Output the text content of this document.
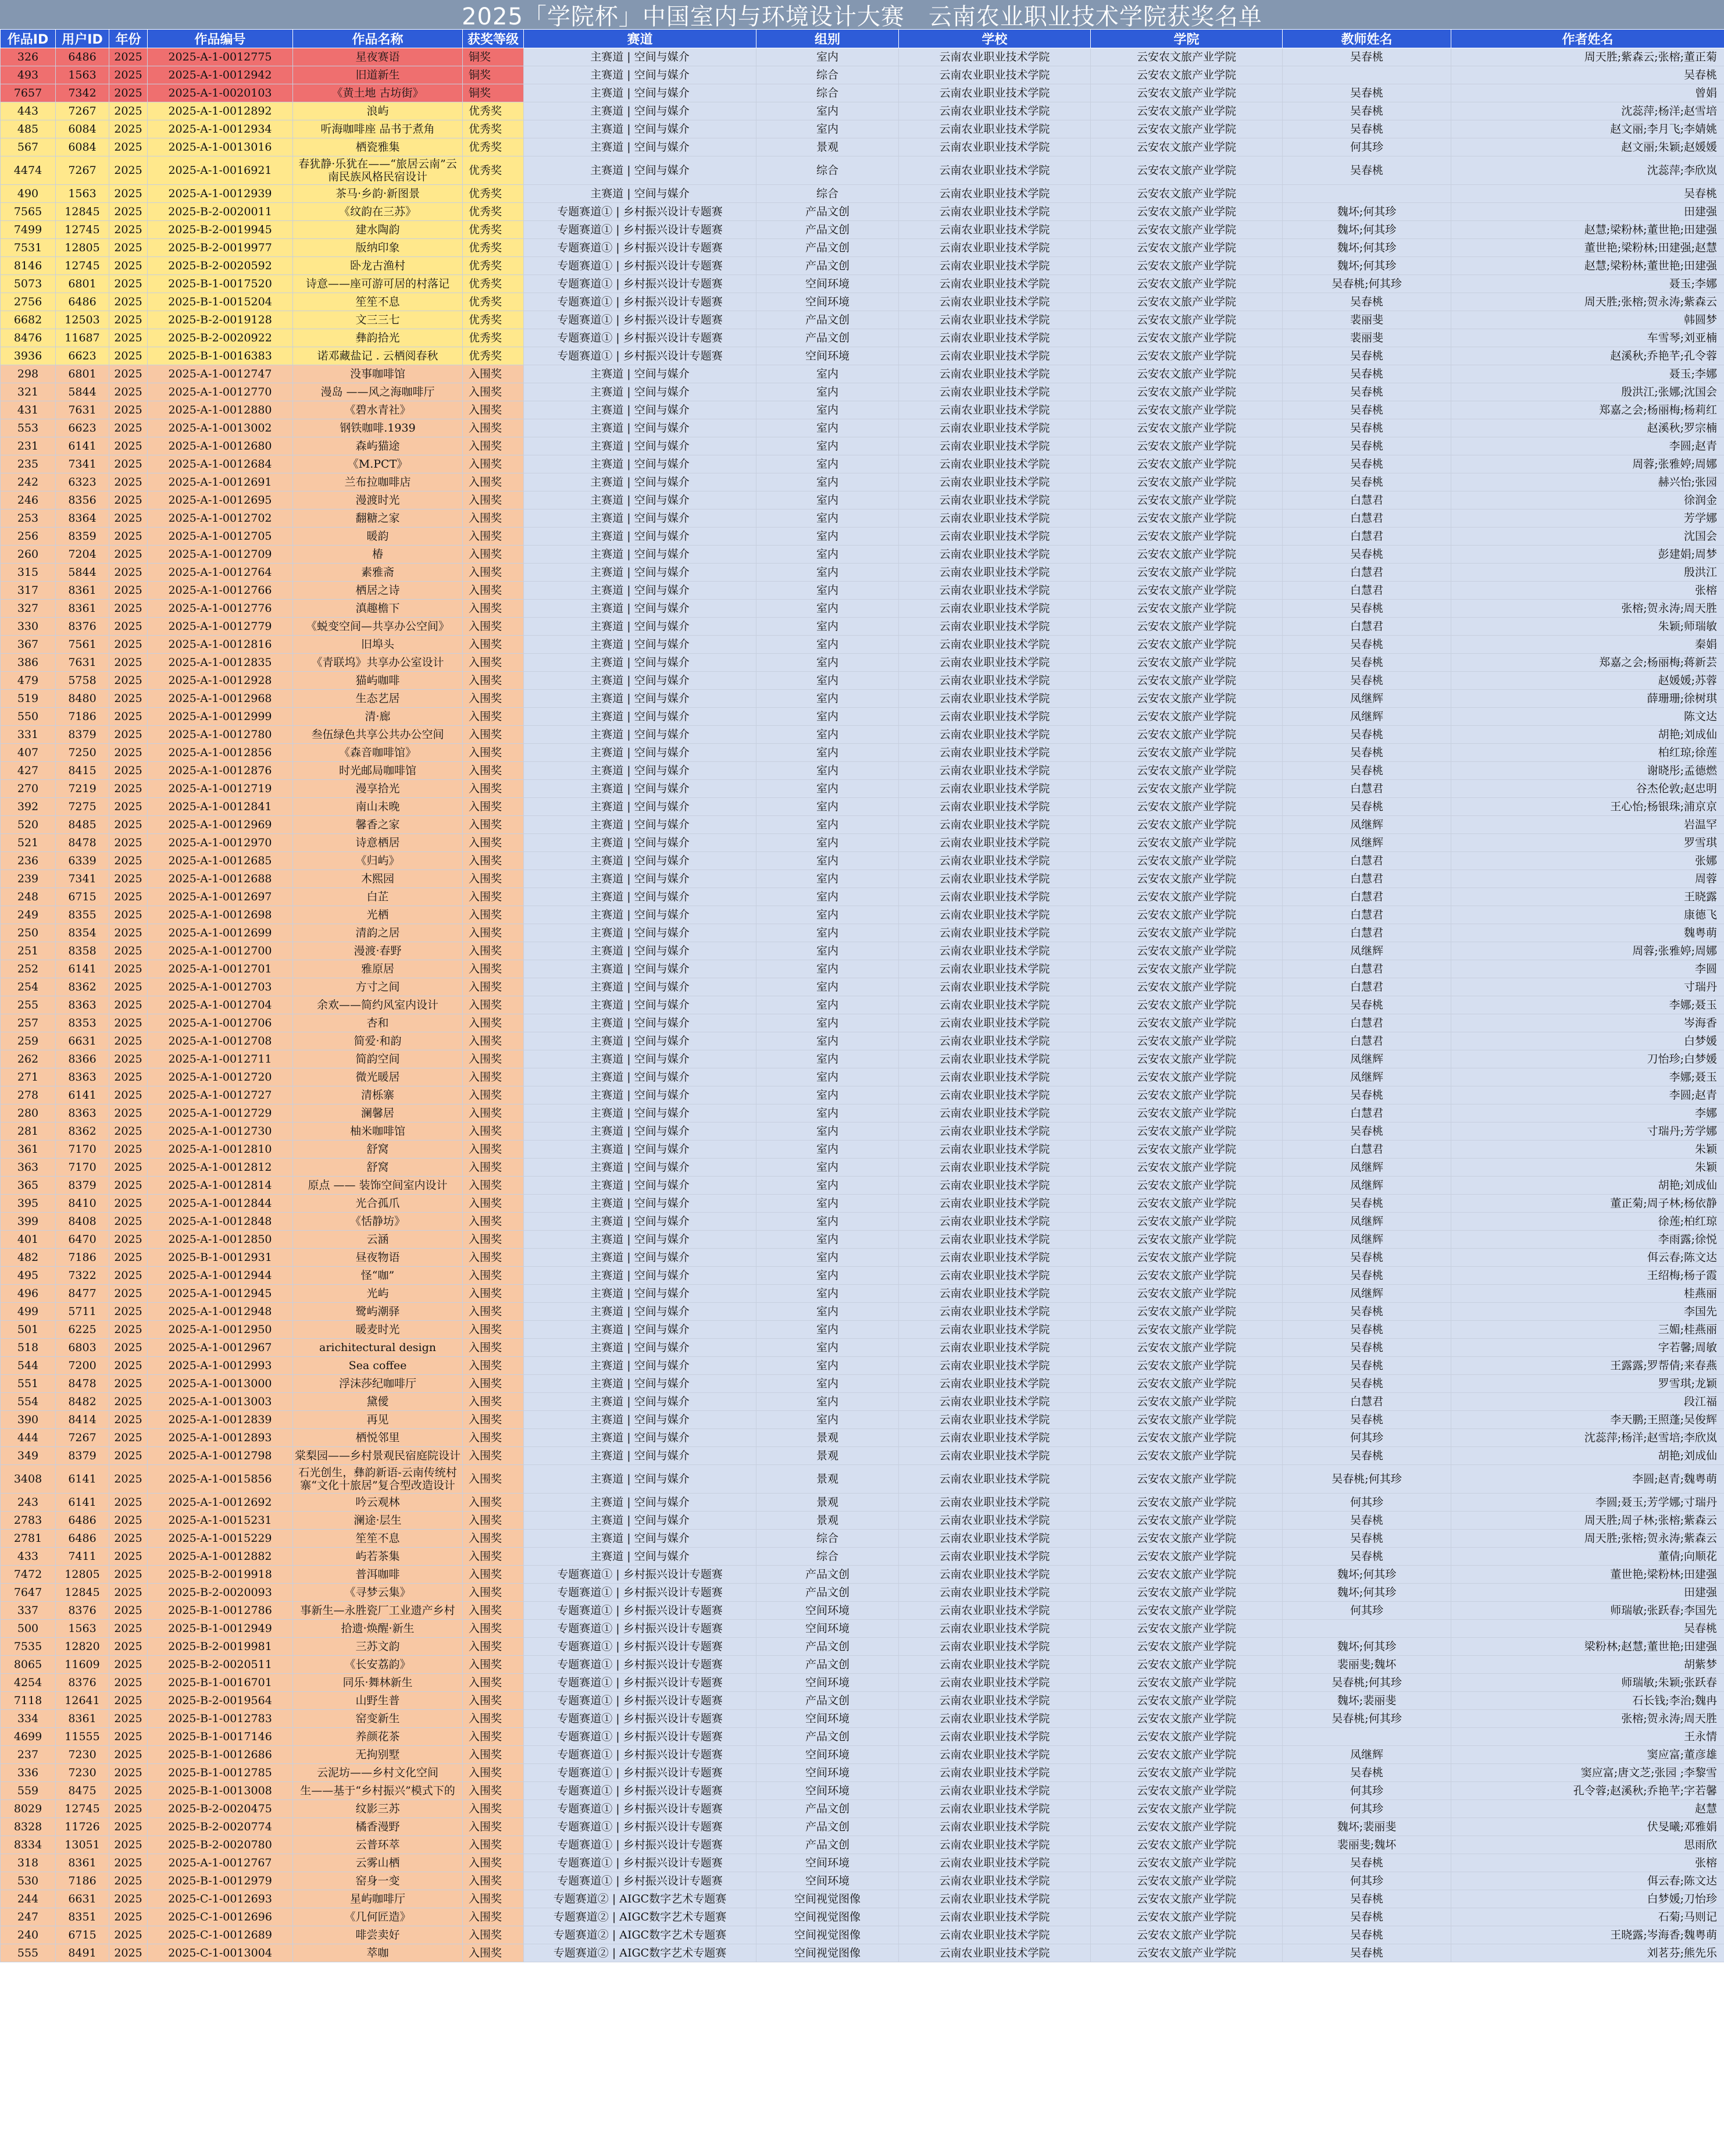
2025「学院杯」中国室内与环境设计大赛　云南农业职业技术学院获奖名单
作品ID	用户ID	年份	作品编号	作品名称	获奖等级	赛道	组别	学校	学院	教师姓名	作者姓名
326	6486	2025	2025-A-1-0012775	星夜赛语	铜奖	主赛道 | 空间与媒介	室内	云南农业职业技术学院	云安农文旅产业学院	吴春桃	周天胜;紫森云;张榕;董正菊
493	1563	2025	2025-A-1-0012942	旧道新生	铜奖	主赛道 | 空间与媒介	综合	云南农业职业技术学院	云安农文旅产业学院		吴春桃
7657	7342	2025	2025-A-1-0020103	《黄土地 古坊街》	铜奖	主赛道 | 空间与媒介	综合	云南农业职业技术学院	云安农文旅产业学院	吴春桃	曾娟
443	7267	2025	2025-A-1-0012892	浪屿	优秀奖	主赛道 | 空间与媒介	室内	云南农业职业技术学院	云安农文旅产业学院	吴春桃	沈蕊萍;杨洋;赵雪培
485	6084	2025	2025-A-1-0012934	听海咖啡座 品书于煮角	优秀奖	主赛道 | 空间与媒介	室内	云南农业职业技术学院	云安农文旅产业学院	吴春桃	赵文丽;李月飞;李婧姚
567	6084	2025	2025-A-1-0013016	栖瓷雅集	优秀奖	主赛道 | 空间与媒介	景观	云南农业职业技术学院	云安农文旅产业学院	何其珍	赵文丽;朱颖;赵媛媛
4474	7267	2025	2025-A-1-0016921	春犹静·乐犹在——“旅居云南”云南民族风格民宿设计	优秀奖	主赛道 | 空间与媒介	综合	云南农业职业技术学院	云安农文旅产业学院	吴春桃	沈蕊萍;李欣岚
490	1563	2025	2025-A-1-0012939	茶马·乡韵·新图景	优秀奖	主赛道 | 空间与媒介	综合	云南农业职业技术学院	云安农文旅产业学院		吴春桃
7565	12845	2025	2025-B-2-0020011	《纹韵在三苏》	优秀奖	专题赛道① | 乡村振兴设计专题赛	产品文创	云南农业职业技术学院	云安农文旅产业学院	魏坏;何其珍	田建强
7499	12745	2025	2025-B-2-0019945	建水陶韵	优秀奖	专题赛道① | 乡村振兴设计专题赛	产品文创	云南农业职业技术学院	云安农文旅产业学院	魏坏;何其珍	赵慧;梁粉林;董世艳;田建强
7531	12805	2025	2025-B-2-0019977	版纳印象	优秀奖	专题赛道① | 乡村振兴设计专题赛	产品文创	云南农业职业技术学院	云安农文旅产业学院	魏坏;何其珍	董世艳;梁粉林;田建强;赵慧
8146	12745	2025	2025-B-2-0020592	卧龙古渔村	优秀奖	专题赛道① | 乡村振兴设计专题赛	产品文创	云南农业职业技术学院	云安农文旅产业学院	魏坏;何其珍	赵慧;梁粉林;董世艳;田建强
5073	6801	2025	2025-B-1-0017520	诗意——座可游可居的村落记	优秀奖	专题赛道① | 乡村振兴设计专题赛	空间环境	云南农业职业技术学院	云安农文旅产业学院	吴春桃;何其珍	聂玉;李娜
2756	6486	2025	2025-B-1-0015204	笙笙不息	优秀奖	专题赛道① | 乡村振兴设计专题赛	空间环境	云南农业职业技术学院	云安农文旅产业学院	吴春桃	周天胜;张榕;贺永涛;紫森云
6682	12503	2025	2025-B-2-0019128	文三三七	优秀奖	专题赛道① | 乡村振兴设计专题赛	产品文创	云南农业职业技术学院	云安农文旅产业学院	裴丽斐	韩圆梦
8476	11687	2025	2025-B-2-0020922	彝韵拾光	优秀奖	专题赛道① | 乡村振兴设计专题赛	产品文创	云南农业职业技术学院	云安农文旅产业学院	裴丽斐	车雪琴;刘亚楠
3936	6623	2025	2025-B-1-0016383	诺邓藏盐记 . 云栖阅春秋	优秀奖	专题赛道① | 乡村振兴设计专题赛	空间环境	云南农业职业技术学院	云安农文旅产业学院	吴春桃	赵溪秋;乔艳芊;孔令蓉
298	6801	2025	2025-A-1-0012747	没事咖啡馆	入围奖	主赛道 | 空间与媒介	室内	云南农业职业技术学院	云安农文旅产业学院	吴春桃	聂玉;李娜
321	5844	2025	2025-A-1-0012770	漫岛 ——风之海咖啡厅	入围奖	主赛道 | 空间与媒介	室内	云南农业职业技术学院	云安农文旅产业学院	吴春桃	殷洪江;张娜;沈国会
431	7631	2025	2025-A-1-0012880	《碧水青社》	入围奖	主赛道 | 空间与媒介	室内	云南农业职业技术学院	云安农文旅产业学院	吴春桃	郑嘉之会;杨丽梅;杨莉红
553	6623	2025	2025-A-1-0013002	钢铁咖啡.1939	入围奖	主赛道 | 空间与媒介	室内	云南农业职业技术学院	云安农文旅产业学院	吴春桃	赵溪秋;罗宗楠
231	6141	2025	2025-A-1-0012680	森屿猫途	入围奖	主赛道 | 空间与媒介	室内	云南农业职业技术学院	云安农文旅产业学院	吴春桃	李圆;赵青
235	7341	2025	2025-A-1-0012684	《M.PCT》	入围奖	主赛道 | 空间与媒介	室内	云南农业职业技术学院	云安农文旅产业学院	吴春桃	周蓉;张雅婷;周娜
242	6323	2025	2025-A-1-0012691	兰布拉咖啡店	入围奖	主赛道 | 空间与媒介	室内	云南农业职业技术学院	云安农文旅产业学院	吴春桃	赫兴怡;张园
246	8356	2025	2025-A-1-0012695	漫渡时光	入围奖	主赛道 | 空间与媒介	室内	云南农业职业技术学院	云安农文旅产业学院	白慧君	徐润金
253	8364	2025	2025-A-1-0012702	翻糖之家	入围奖	主赛道 | 空间与媒介	室内	云南农业职业技术学院	云安农文旅产业学院	白慧君	芳学娜
256	8359	2025	2025-A-1-0012705	暖韵	入围奖	主赛道 | 空间与媒介	室内	云南农业职业技术学院	云安农文旅产业学院	白慧君	沈国会
260	7204	2025	2025-A-1-0012709	椿	入围奖	主赛道 | 空间与媒介	室内	云南农业职业技术学院	云安农文旅产业学院	吴春桃	彭建娟;周梦
315	5844	2025	2025-A-1-0012764	素雅斋	入围奖	主赛道 | 空间与媒介	室内	云南农业职业技术学院	云安农文旅产业学院	白慧君	殷洪江
317	8361	2025	2025-A-1-0012766	栖居之诗	入围奖	主赛道 | 空间与媒介	室内	云南农业职业技术学院	云安农文旅产业学院	白慧君	张榕
327	8361	2025	2025-A-1-0012776	滇趣檐下	入围奖	主赛道 | 空间与媒介	室内	云南农业职业技术学院	云安农文旅产业学院	吴春桃	张榕;贺永涛;周天胜
330	8376	2025	2025-A-1-0012779	《蜕变空间—共享办公空间》	入围奖	主赛道 | 空间与媒介	室内	云南农业职业技术学院	云安农文旅产业学院	白慧君	朱颖;师瑞敏
367	7561	2025	2025-A-1-0012816	旧埠头	入围奖	主赛道 | 空间与媒介	室内	云南农业职业技术学院	云安农文旅产业学院	吴春桃	秦娟
386	7631	2025	2025-A-1-0012835	《青联坞》共享办公室设计	入围奖	主赛道 | 空间与媒介	室内	云南农业职业技术学院	云安农文旅产业学院	吴春桃	郑嘉之会;杨丽梅;蒋新芸
479	5758	2025	2025-A-1-0012928	猫屿咖啡	入围奖	主赛道 | 空间与媒介	室内	云南农业职业技术学院	云安农文旅产业学院	吴春桃	赵媛媛;苏蓉
519	8480	2025	2025-A-1-0012968	生态艺居	入围奖	主赛道 | 空间与媒介	室内	云南农业职业技术学院	云安农文旅产业学院	凤继辉	薛珊珊;徐树琪
550	7186	2025	2025-A-1-0012999	清·廊	入围奖	主赛道 | 空间与媒介	室内	云南农业职业技术学院	云安农文旅产业学院	凤继辉	陈文达
331	8379	2025	2025-A-1-0012780	叁伍绿色共享公共办公空间	入围奖	主赛道 | 空间与媒介	室内	云南农业职业技术学院	云安农文旅产业学院	吴春桃	胡艳;刘成仙
407	7250	2025	2025-A-1-0012856	《森音咖啡馆》	入围奖	主赛道 | 空间与媒介	室内	云南农业职业技术学院	云安农文旅产业学院	吴春桃	柏红琼;徐莲
427	8415	2025	2025-A-1-0012876	时光邮局咖啡馆	入围奖	主赛道 | 空间与媒介	室内	云南农业职业技术学院	云安农文旅产业学院	吴春桃	谢晓彤;孟德燃
270	7219	2025	2025-A-1-0012719	漫享拾光	入围奖	主赛道 | 空间与媒介	室内	云南农业职业技术学院	云安农文旅产业学院	白慧君	谷杰伦敦;赵忠明
392	7275	2025	2025-A-1-0012841	南山未晚	入围奖	主赛道 | 空间与媒介	室内	云南农业职业技术学院	云安农文旅产业学院	吴春桃	王心怡;杨银珠;浦京京
520	8485	2025	2025-A-1-0012969	馨香之家	入围奖	主赛道 | 空间与媒介	室内	云南农业职业技术学院	云安农文旅产业学院	凤继辉	岩温罕
521	8478	2025	2025-A-1-0012970	诗意栖居	入围奖	主赛道 | 空间与媒介	室内	云南农业职业技术学院	云安农文旅产业学院	凤继辉	罗雪琪
236	6339	2025	2025-A-1-0012685	《归屿》	入围奖	主赛道 | 空间与媒介	室内	云南农业职业技术学院	云安农文旅产业学院	白慧君	张娜
239	7341	2025	2025-A-1-0012688	木熙园	入围奖	主赛道 | 空间与媒介	室内	云南农业职业技术学院	云安农文旅产业学院	白慧君	周蓉
248	6715	2025	2025-A-1-0012697	白芷	入围奖	主赛道 | 空间与媒介	室内	云南农业职业技术学院	云安农文旅产业学院	白慧君	王晓露
249	8355	2025	2025-A-1-0012698	光栖	入围奖	主赛道 | 空间与媒介	室内	云南农业职业技术学院	云安农文旅产业学院	白慧君	康德飞
250	8354	2025	2025-A-1-0012699	清韵之居	入围奖	主赛道 | 空间与媒介	室内	云南农业职业技术学院	云安农文旅产业学院	白慧君	魏粤萌
251	8358	2025	2025-A-1-0012700	漫渡·春野	入围奖	主赛道 | 空间与媒介	室内	云南农业职业技术学院	云安农文旅产业学院	凤继辉	周蓉;张雅婷;周娜
252	6141	2025	2025-A-1-0012701	雅原居	入围奖	主赛道 | 空间与媒介	室内	云南农业职业技术学院	云安农文旅产业学院	白慧君	李圆
254	8362	2025	2025-A-1-0012703	方寸之间	入围奖	主赛道 | 空间与媒介	室内	云南农业职业技术学院	云安农文旅产业学院	白慧君	寸瑞丹
255	8363	2025	2025-A-1-0012704	余欢——简约风室内设计	入围奖	主赛道 | 空间与媒介	室内	云南农业职业技术学院	云安农文旅产业学院	吴春桃	李娜;聂玉
257	8353	2025	2025-A-1-0012706	杏和	入围奖	主赛道 | 空间与媒介	室内	云南农业职业技术学院	云安农文旅产业学院	白慧君	岑海香
259	6631	2025	2025-A-1-0012708	简爱·和韵	入围奖	主赛道 | 空间与媒介	室内	云南农业职业技术学院	云安农文旅产业学院	白慧君	白梦媛
262	8366	2025	2025-A-1-0012711	简韵空间	入围奖	主赛道 | 空间与媒介	室内	云南农业职业技术学院	云安农文旅产业学院	凤继辉	刀怡珍;白梦媛
271	8363	2025	2025-A-1-0012720	微光暖居	入围奖	主赛道 | 空间与媒介	室内	云南农业职业技术学院	云安农文旅产业学院	凤继辉	李娜;聂玉
278	6141	2025	2025-A-1-0012727	清栎寨	入围奖	主赛道 | 空间与媒介	室内	云南农业职业技术学院	云安农文旅产业学院	吴春桃	李圆;赵青
280	8363	2025	2025-A-1-0012729	澜馨居	入围奖	主赛道 | 空间与媒介	室内	云南农业职业技术学院	云安农文旅产业学院	白慧君	李娜
281	8362	2025	2025-A-1-0012730	柚米咖啡馆	入围奖	主赛道 | 空间与媒介	室内	云南农业职业技术学院	云安农文旅产业学院	吴春桃	寸瑞丹;芳学娜
361	7170	2025	2025-A-1-0012810	舒窝	入围奖	主赛道 | 空间与媒介	室内	云南农业职业技术学院	云安农文旅产业学院	白慧君	朱颖
363	7170	2025	2025-A-1-0012812	舒窝	入围奖	主赛道 | 空间与媒介	室内	云南农业职业技术学院	云安农文旅产业学院	凤继辉	朱颖
365	8379	2025	2025-A-1-0012814	原点 —— 装饰空间室内设计	入围奖	主赛道 | 空间与媒介	室内	云南农业职业技术学院	云安农文旅产业学院	凤继辉	胡艳;刘成仙
395	8410	2025	2025-A-1-0012844	光合孤爪	入围奖	主赛道 | 空间与媒介	室内	云南农业职业技术学院	云安农文旅产业学院	吴春桃	董正菊;周子林;杨依静
399	8408	2025	2025-A-1-0012848	《恬静坊》	入围奖	主赛道 | 空间与媒介	室内	云南农业职业技术学院	云安农文旅产业学院	凤继辉	徐莲;柏红琼
401	6470	2025	2025-A-1-0012850	云涵	入围奖	主赛道 | 空间与媒介	室内	云南农业职业技术学院	云安农文旅产业学院	凤继辉	李雨露;徐悦
482	7186	2025	2025-B-1-0012931	昼夜物语	入围奖	主赛道 | 空间与媒介	室内	云南农业职业技术学院	云安农文旅产业学院	吴春桃	佴云春;陈文达
495	7322	2025	2025-A-1-0012944	怪“咖”	入围奖	主赛道 | 空间与媒介	室内	云南农业职业技术学院	云安农文旅产业学院	吴春桃	王绍梅;杨子霞
496	8477	2025	2025-A-1-0012945	光屿	入围奖	主赛道 | 空间与媒介	室内	云南农业职业技术学院	云安农文旅产业学院	凤继辉	桂燕丽
499	5711	2025	2025-A-1-0012948	鹭屿潮驿	入围奖	主赛道 | 空间与媒介	室内	云南农业职业技术学院	云安农文旅产业学院	吴春桃	李国先
501	6225	2025	2025-A-1-0012950	暖麦时光	入围奖	主赛道 | 空间与媒介	室内	云南农业职业技术学院	云安农文旅产业学院	吴春桃	三媚;桂燕丽
518	6803	2025	2025-A-1-0012967	arichitectural design	入围奖	主赛道 | 空间与媒介	室内	云南农业职业技术学院	云安农文旅产业学院	吴春桃	字若馨;周敏
544	7200	2025	2025-A-1-0012993	Sea coffee	入围奖	主赛道 | 空间与媒介	室内	云南农业职业技术学院	云安农文旅产业学院	吴春桃	王露露;罗帮倩;来春燕
551	8478	2025	2025-A-1-0013000	浮沫莎纪咖啡厅	入围奖	主赛道 | 空间与媒介	室内	云南农业职业技术学院	云安农文旅产业学院	吴春桃	罗雪琪;龙颖
554	8482	2025	2025-A-1-0013003	黛僾	入围奖	主赛道 | 空间与媒介	室内	云南农业职业技术学院	云安农文旅产业学院	白慧君	段江福
390	8414	2025	2025-A-1-0012839	再见	入围奖	主赛道 | 空间与媒介	室内	云南农业职业技术学院	云安农文旅产业学院	吴春桃	李天鹏;王照蓬;吴俊辉
444	7267	2025	2025-A-1-0012893	栖悦邻里	入围奖	主赛道 | 空间与媒介	景观	云南农业职业技术学院	云安农文旅产业学院	何其珍	沈蕊萍;杨洋;赵雪培;李欣岚
349	8379	2025	2025-A-1-0012798	棠梨园——乡村景观民宿庭院设计	入围奖	主赛道 | 空间与媒介	景观	云南农业职业技术学院	云安农文旅产业学院	吴春桃	胡艳;刘成仙
3408	6141	2025	2025-A-1-0015856	石光创生，彝韵新语-云南传统村寨“文化十旅居”复合型改造设计	入围奖	主赛道 | 空间与媒介	景观	云南农业职业技术学院	云安农文旅产业学院	吴春桃;何其珍	李圆;赵青;魏粤萌
243	6141	2025	2025-A-1-0012692	吟云观林	入围奖	主赛道 | 空间与媒介	景观	云南农业职业技术学院	云安农文旅产业学院	何其珍	李圆;聂玉;芳学娜;寸瑞丹
2783	6486	2025	2025-A-1-0015231	澜途·层生	入围奖	主赛道 | 空间与媒介	景观	云南农业职业技术学院	云安农文旅产业学院	吴春桃	周天胜;周子林;张榕;紫森云
2781	6486	2025	2025-A-1-0015229	笙笙不息	入围奖	主赛道 | 空间与媒介	综合	云南农业职业技术学院	云安农文旅产业学院	吴春桃	周天胜;张榕;贺永涛;紫森云
433	7411	2025	2025-A-1-0012882	屿若茶集	入围奖	主赛道 | 空间与媒介	综合	云南农业职业技术学院	云安农文旅产业学院	吴春桃	董倩;向顺花
7472	12805	2025	2025-B-2-0019918	普洱咖啡	入围奖	专题赛道① | 乡村振兴设计专题赛	产品文创	云南农业职业技术学院	云安农文旅产业学院	魏坏;何其珍	董世艳;梁粉林;田建强
7647	12845	2025	2025-B-2-0020093	《寻梦云集》	入围奖	专题赛道① | 乡村振兴设计专题赛	产品文创	云南农业职业技术学院	云安农文旅产业学院	魏坏;何其珍	田建强
337	8376	2025	2025-B-1-0012786	事新生—永胜瓷厂工业遗产乡村	入围奖	专题赛道① | 乡村振兴设计专题赛	空间环境	云南农业职业技术学院	云安农文旅产业学院	何其珍	师瑞敏;张跃春;李国先
500	1563	2025	2025-B-1-0012949	拾遗·焕醒·新生	入围奖	专题赛道① | 乡村振兴设计专题赛	空间环境	云南农业职业技术学院	云安农文旅产业学院		吴春桃
7535	12820	2025	2025-B-2-0019981	三苏文韵	入围奖	专题赛道① | 乡村振兴设计专题赛	产品文创	云南农业职业技术学院	云安农文旅产业学院	魏坏;何其珍	梁粉林;赵慧;董世艳;田建强
8065	11609	2025	2025-B-2-0020511	《长安荔韵》	入围奖	专题赛道① | 乡村振兴设计专题赛	产品文创	云南农业职业技术学院	云安农文旅产业学院	裴丽斐;魏坏	胡紫梦
4254	8376	2025	2025-B-1-0016701	同乐·舞林新生	入围奖	专题赛道① | 乡村振兴设计专题赛	空间环境	云南农业职业技术学院	云安农文旅产业学院	吴春桃;何其珍	师瑞敏;朱颖;张跃春
7118	12641	2025	2025-B-2-0019564	山野生普	入围奖	专题赛道① | 乡村振兴设计专题赛	产品文创	云南农业职业技术学院	云安农文旅产业学院	魏坏;裴丽斐	石长钱;李治;魏冉
334	8361	2025	2025-B-1-0012783	窑变新生	入围奖	专题赛道① | 乡村振兴设计专题赛	空间环境	云南农业职业技术学院	云安农文旅产业学院	吴春桃;何其珍	张榕;贺永涛;周天胜
4699	11555	2025	2025-B-1-0017146	养颜花茶	入围奖	专题赛道① | 乡村振兴设计专题赛	产品文创	云南农业职业技术学院	云安农文旅产业学院		王永情
237	7230	2025	2025-B-1-0012686	无拘别墅	入围奖	专题赛道① | 乡村振兴设计专题赛	空间环境	云南农业职业技术学院	云安农文旅产业学院	凤继辉	窦应富;董彦雄
336	7230	2025	2025-B-1-0012785	云泥坊——乡村文化空间	入围奖	专题赛道① | 乡村振兴设计专题赛	空间环境	云南农业职业技术学院	云安农文旅产业学院	吴春桃	窦应富;唐文芝;张园 ;李黎雪
559	8475	2025	2025-B-1-0013008	生——基于“乡村振兴”模式下的	入围奖	专题赛道① | 乡村振兴设计专题赛	空间环境	云南农业职业技术学院	云安农文旅产业学院	何其珍	孔令蓉;赵溪秋;乔艳芊;字若馨
8029	12745	2025	2025-B-2-0020475	纹影三苏	入围奖	专题赛道① | 乡村振兴设计专题赛	产品文创	云南农业职业技术学院	云安农文旅产业学院	何其珍	赵慧
8328	11726	2025	2025-B-2-0020774	橘香漫野	入围奖	专题赛道① | 乡村振兴设计专题赛	产品文创	云南农业职业技术学院	云安农文旅产业学院	魏坏;裴丽斐	伏旻曦;邓雅娟
8334	13051	2025	2025-B-2-0020780	云普环萃	入围奖	专题赛道① | 乡村振兴设计专题赛	产品文创	云南农业职业技术学院	云安农文旅产业学院	裴丽斐;魏坏	思雨欣
318	8361	2025	2025-A-1-0012767	云雾山栖	入围奖	专题赛道① | 乡村振兴设计专题赛	空间环境	云南农业职业技术学院	云安农文旅产业学院	吴春桃	张榕
530	7186	2025	2025-B-1-0012979	窑身一变	入围奖	专题赛道① | 乡村振兴设计专题赛	空间环境	云南农业职业技术学院	云安农文旅产业学院	何其珍	佴云春;陈文达
244	6631	2025	2025-C-1-0012693	星屿咖啡厅	入围奖	专题赛道② | AIGC数字艺术专题赛	空间视觉图像	云南农业职业技术学院	云安农文旅产业学院	吴春桃	白梦媛;刀怡珍
247	8351	2025	2025-C-1-0012696	《几何匠造》	入围奖	专题赛道② | AIGC数字艺术专题赛	空间视觉图像	云南农业职业技术学院	云安农文旅产业学院	吴春桃	石菊;马则记
240	6715	2025	2025-C-1-0012689	啡尝卖好	入围奖	专题赛道② | AIGC数字艺术专题赛	空间视觉图像	云南农业职业技术学院	云安农文旅产业学院	吴春桃	王晓露;岑海香;魏粤萌
555	8491	2025	2025-C-1-0013004	萃咖	入围奖	专题赛道② | AIGC数字艺术专题赛	空间视觉图像	云南农业职业技术学院	云安农文旅产业学院	吴春桃	刘茗芬;熊先乐
